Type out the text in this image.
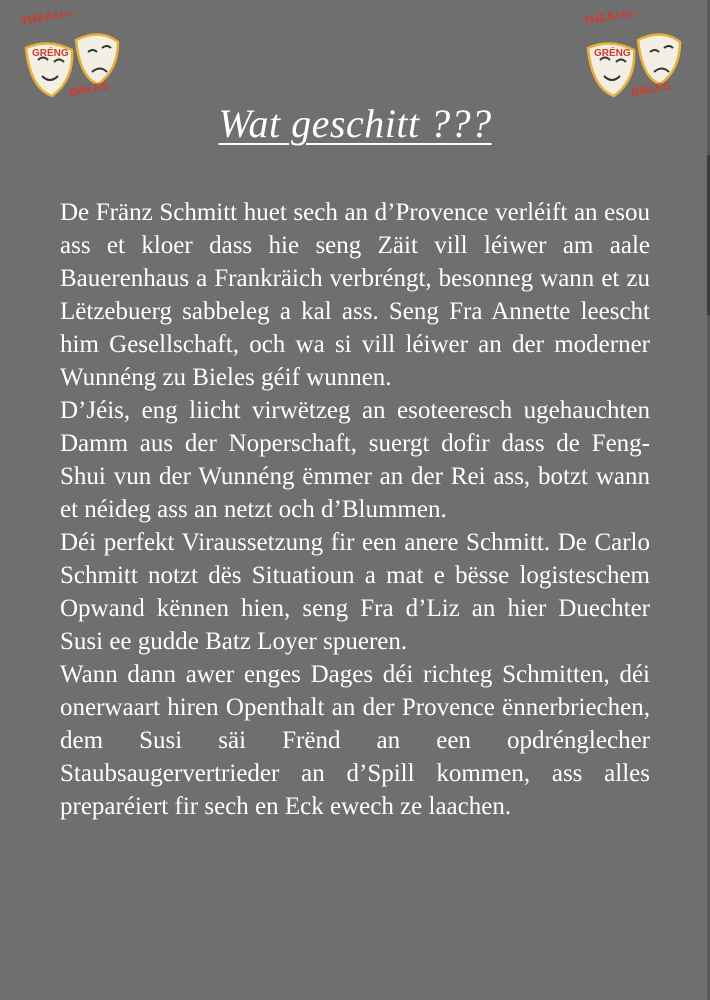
THEATER
GRÉNG
BIELES
THEATER
GRÉNG
BIELES
Wat geschitt ???

De Fränz Schmitt huet sech an d’Provence verléift an esou ass et kloer dass hie seng Zäit vill léiwer am aale Bauerenhaus a Frankräich verbréngt, besonneg wann et zu Lëtzebuerg sabbeleg a kal ass. Seng Fra Annette leescht him Gesellschaft, och wa si vill léiwer an der moderner Wunnéng zu Bieles géif wunnen.

D’Jéis, eng liicht virwëtzeg an esoteeresch ugehauchten Damm aus der Noperschaft, suergt dofir dass de Feng-Shui vun der Wunnéng ëmmer an der Rei ass, botzt wann et néideg ass an netzt och d’Blummen.

Déi perfekt Viraussetzung fir een anere Schmitt. De Carlo Schmitt notzt dës Situatioun a mat e bësse logisteschem Opwand kënnen hien, seng Fra d’Liz an hier Duechter Susi ee gudde Batz Loyer spueren.

Wann dann awer enges Dages déi richteg Schmitten, déi onerwaart hiren Openthalt an der Provence ënnerbriechen, dem Susi säi Frënd an een opdrénglecher Staubsaugervertrieder an d’Spill kommen, ass alles preparéiert fir sech en Eck ewech ze laachen.
